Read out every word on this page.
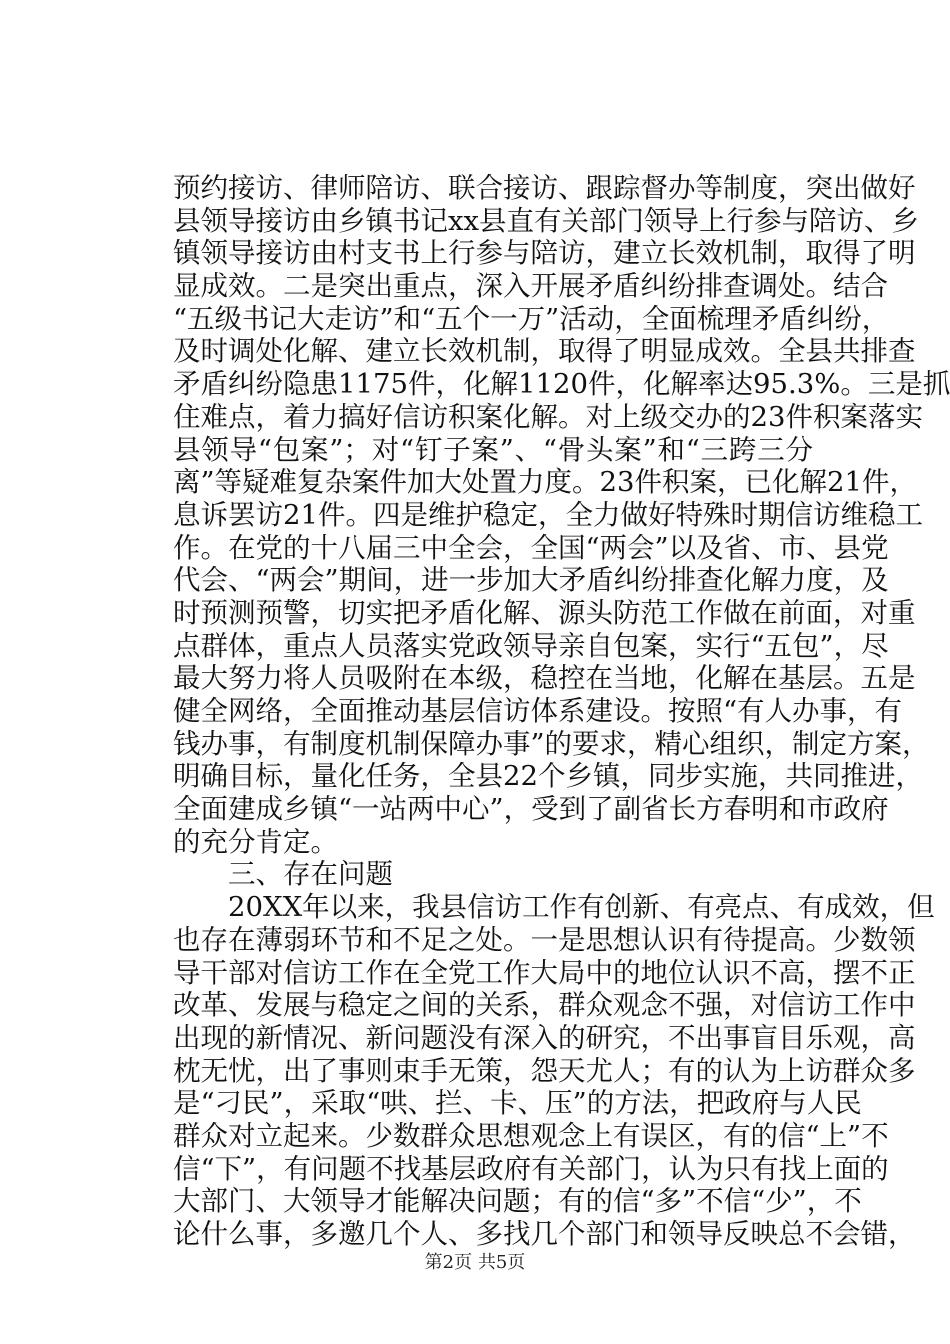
预约接访、律师陪访、联合接访、跟踪督办等制度，突出做好
县领导接访由乡镇书记xx县直有关部门领导上行参与陪访、乡
镇领导接访由村支书上行参与陪访，建立长效机制，取得了明
显成效。二是突出重点，深入开展矛盾纠纷排查调处。结合
“五级书记大走访”和“五个一万”活动，全面梳理矛盾纠纷，
及时调处化解、建立长效机制，取得了明显成效。全县共排查
矛盾纠纷隐患1175件，化解1120件，化解率达95.3%。三是抓
住难点，着力搞好信访积案化解。对上级交办的23件积案落实
县领导“包案”；对“钉子案”、“骨头案”和“三跨三分
离”等疑难复杂案件加大处置力度。23件积案，已化解21件，
息诉罢访21件。四是维护稳定，全力做好特殊时期信访维稳工
作。在党的十八届三中全会，全国“两会”以及省、市、县党
代会、“两会”期间，进一步加大矛盾纠纷排查化解力度，及
时预测预警，切实把矛盾化解、源头防范工作做在前面，对重
点群体，重点人员落实党政领导亲自包案，实行“五包”，尽
最大努力将人员吸附在本级，稳控在当地，化解在基层。五是
健全网络，全面推动基层信访体系建设。按照“有人办事，有
钱办事，有制度机制保障办事”的要求，精心组织，制定方案，
明确目标，量化任务，全县22个乡镇，同步实施，共同推进，
全面建成乡镇“一站两中心”，受到了副省长方春明和市政府
的充分肯定。
　　三、存在问题
　　20XX年以来，我县信访工作有创新、有亮点、有成效，但
也存在薄弱环节和不足之处。一是思想认识有待提高。少数领
导干部对信访工作在全党工作大局中的地位认识不高，摆不正
改革、发展与稳定之间的关系，群众观念不强，对信访工作中
出现的新情况、新问题没有深入的研究，不出事盲目乐观，高
枕无忧，出了事则束手无策，怨天尤人；有的认为上访群众多
是“刁民”，采取“哄、拦、卡、压”的方法，把政府与人民
群众对立起来。少数群众思想观念上有误区，有的信“上”不
信“下”，有问题不找基层政府有关部门，认为只有找上面的
大部门、大领导才能解决问题；有的信“多”不信“少”，不
论什么事，多邀几个人、多找几个部门和领导反映总不会错，
第2页 共5页
